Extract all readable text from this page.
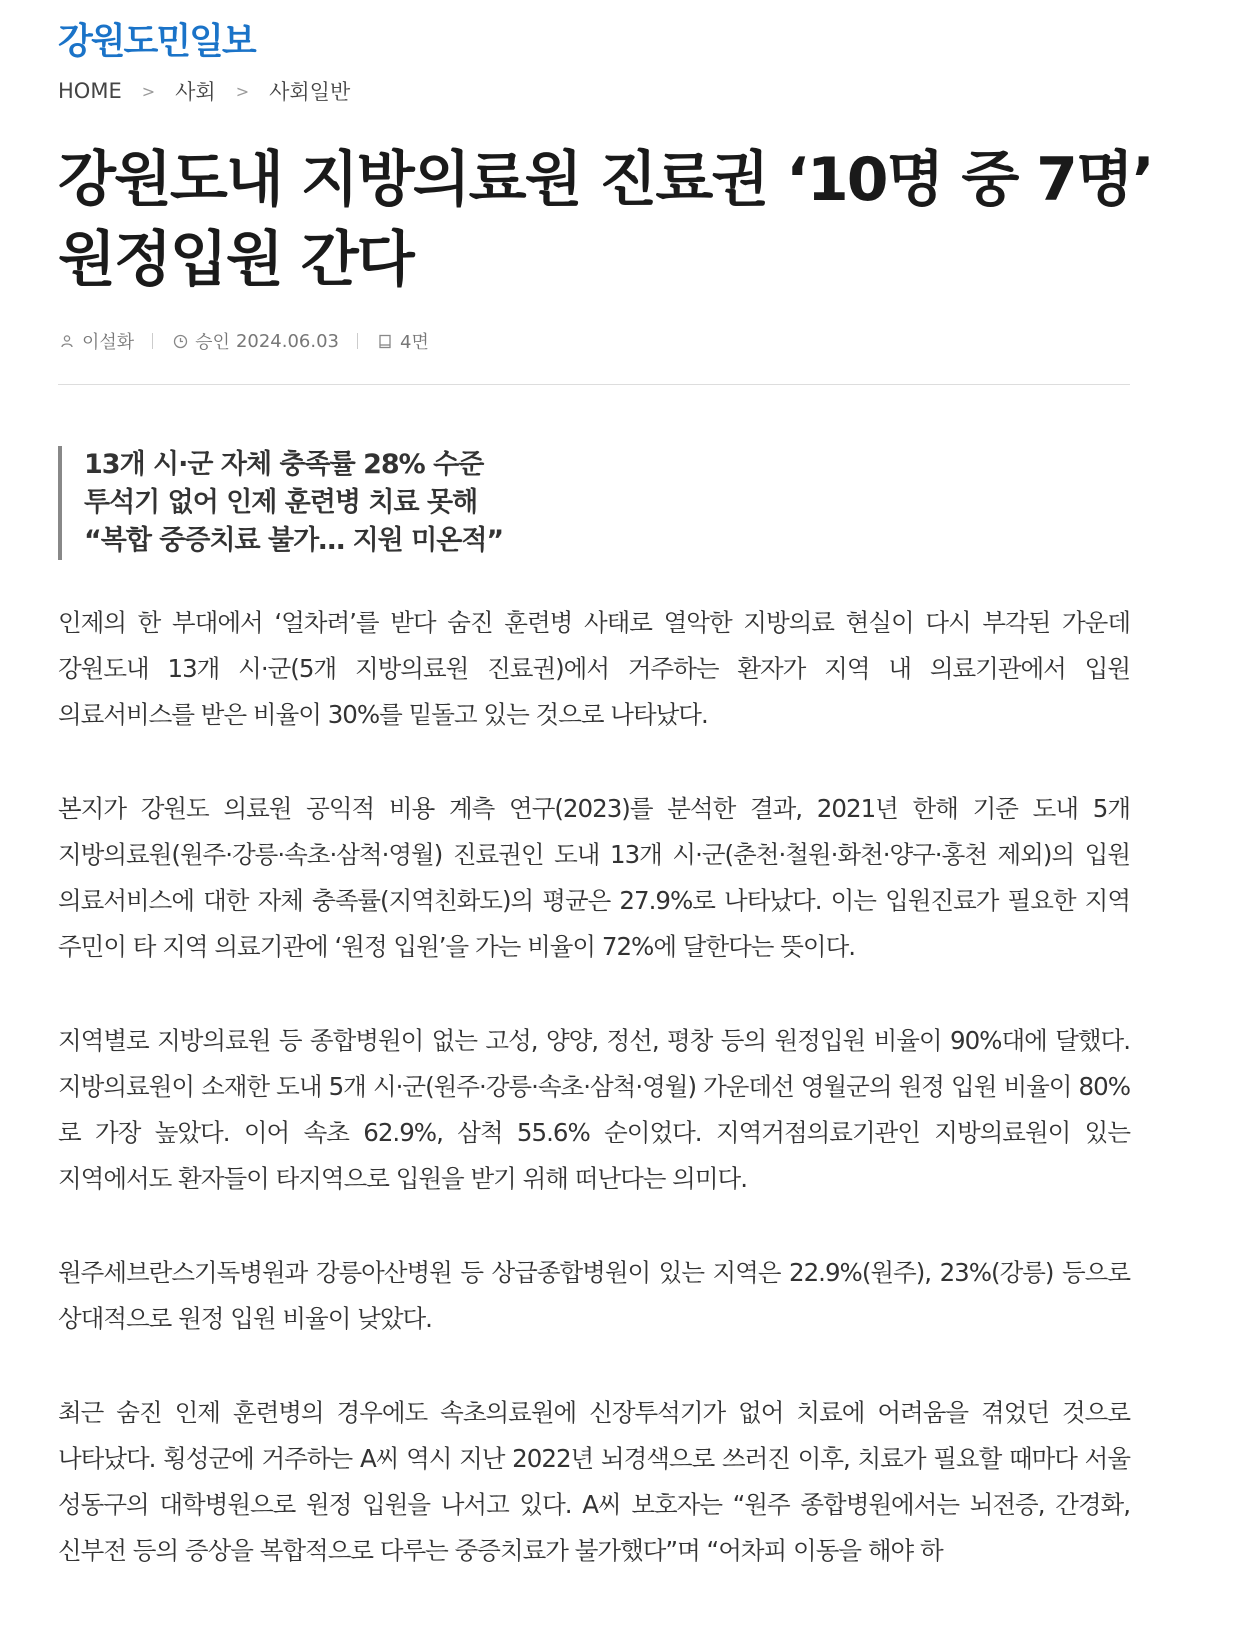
강원도민일보
HOME > 사회 > 사회일반
강원도내 지방의료원 진료권 ‘10명 중 7명’ 원정입원 간다
이설화	승인 2024.06.03	4면

13개 시·군 자체 충족률 28% 수준

투석기 없어 인제 훈련병 치료 못해

“복합 중증치료 불가… 지원 미온적”

인제의 한 부대에서 ‘얼차려’를 받다 숨진 훈련병 사태로 열악한 지방의료 현실이 다시 부각된 가운데 강원도내 13개 시·군(5개 지방의료원 진료권)에서 거주하는 환자가 지역 내 의료기관에서 입원 의료서비스를 받은 비율이 30%를 밑돌고 있는 것으로 나타났다.

본지가 강원도 의료원 공익적 비용 계측 연구(2023)를 분석한 결과, 2021년 한해 기준 도내 5개 지방의료원(원주·강릉·속초·삼척·영월) 진료권인 도내 13개 시·군(춘천·철원·화천·양구·홍천 제외)의 입원 의료서비스에 대한 자체 충족률(지역친화도)의 평균은 27.9%로 나타났다. 이는 입원진료가 필요한 지역 주민이 타 지역 의료기관에 ‘원정 입원’을 가는 비율이 72%에 달한다는 뜻이다.

지역별로 지방의료원 등 종합병원이 없는 고성, 양양, 정선, 평창 등의 원정입원 비율이 90%대에 달했다. 지방의료원이 소재한 도내 5개 시·군(원주·강릉·속초·삼척·영월) 가운데선 영월군의 원정 입원 비율이 80%로 가장 높았다. 이어 속초 62.9%, 삼척 55.6% 순이었다. 지역거점의료기관인 지방의료원이 있는 지역에서도 환자들이 타지역으로 입원을 받기 위해 떠난다는 의미다.

원주세브란스기독병원과 강릉아산병원 등 상급종합병원이 있는 지역은 22.9%(원주), 23%(강릉) 등으로 상대적으로 원정 입원 비율이 낮았다.

최근 숨진 인제 훈련병의 경우에도 속초의료원에 신장투석기가 없어 치료에 어려움을 겪었던 것으로 나타났다. 횡성군에 거주하는 A씨 역시 지난 2022년 뇌경색으로 쓰러진 이후, 치료가 필요할 때마다 서울 성동구의 대학병원으로 원정 입원을 나서고 있다. A씨 보호자는 “원주 종합병원에서는 뇌전증, 간경화, 신부전 등의 증상을 복합적으로 다루는 중증치료가 불가했다”며 “어차피 이동을 해야 하
